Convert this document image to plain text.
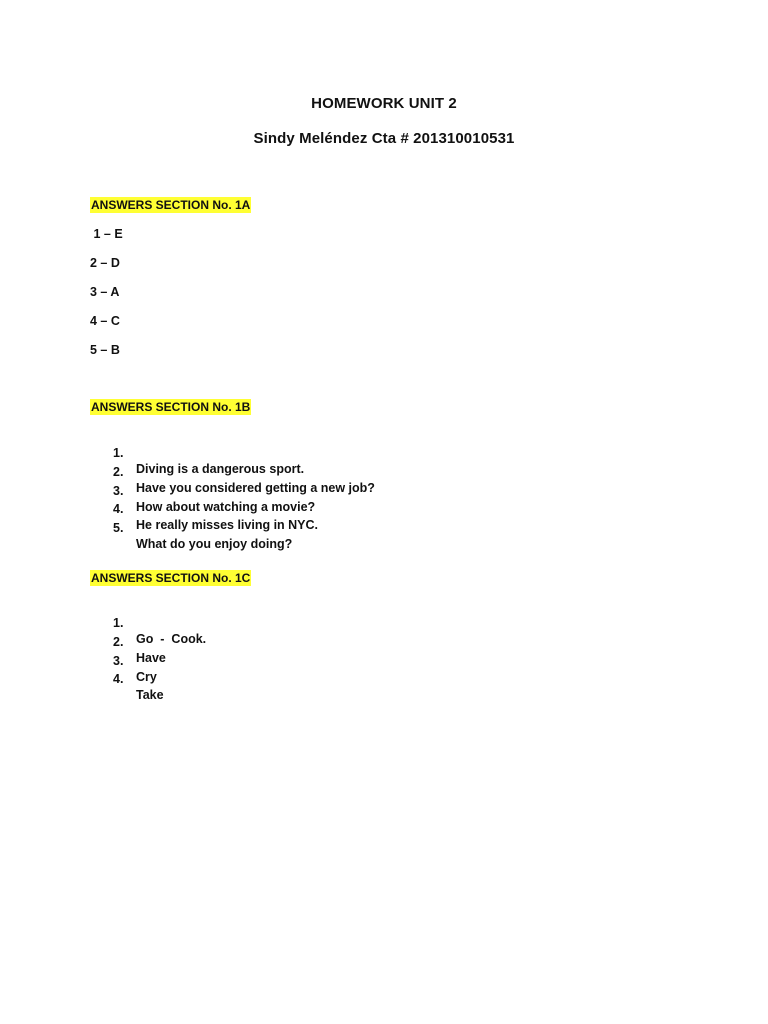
HOMEWORK UNIT 2
Sindy Meléndez Cta # 201310010531
ANSWERS SECTION No. 1A
1 – E
2 – D
3 – A
4 – C
5 – B
ANSWERS SECTION No. 1B

1.

Diving is a dangerous sport.

2.

Have you considered getting a new job?

3.

How about watching a movie?

4.

He really misses living in NYC.

5.

What do you enjoy doing?

ANSWERS SECTION No. 1C

1.

Go  -  Cook.

2.

Have

3.

Cry

4.

Take
